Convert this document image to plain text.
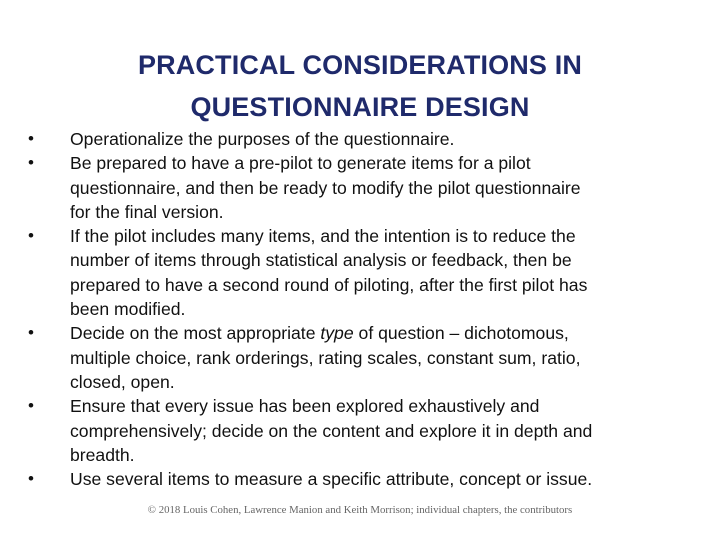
PRACTICAL CONSIDERATIONS IN
QUESTIONNAIRE DESIGN
•	Operationalize the purposes of the questionnaire.
•	Be prepared to have a pre-pilot to generate items for a pilot
questionnaire, and then be ready to modify the pilot questionnaire
for the final version.
•	If the pilot includes many items, and the intention is to reduce the
number of items through statistical analysis or feedback, then be
prepared to have a second round of piloting, after the first pilot has
been modified.
•	Decide on the most appropriate type of question – dichotomous,
multiple choice, rank orderings, rating scales, constant sum, ratio,
closed, open.
•	Ensure that every issue has been explored exhaustively and
comprehensively; decide on the content and explore it in depth and
breadth.
•	Use several items to measure a specific attribute, concept or issue.
© 2018 Louis Cohen, Lawrence Manion and Keith Morrison; individual chapters, the contributors
